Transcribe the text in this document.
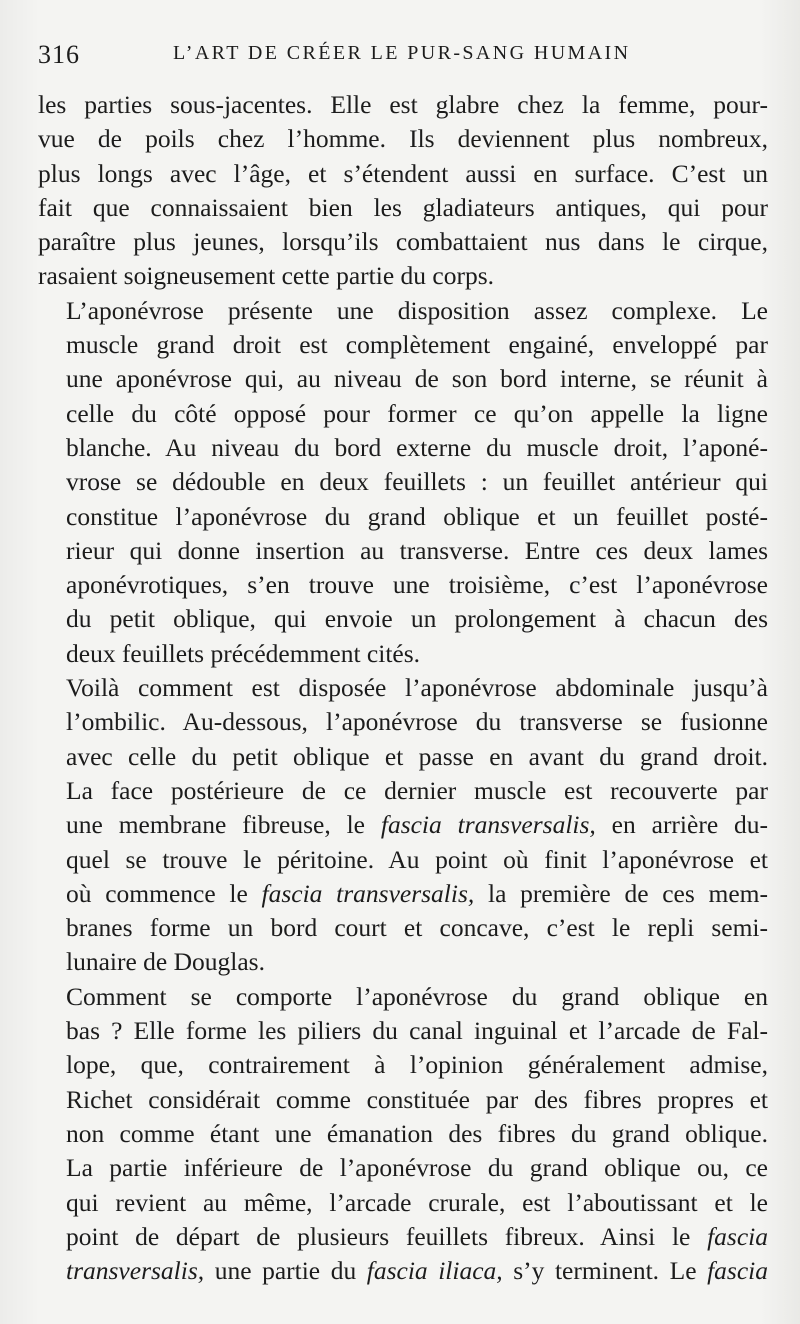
316	L’ART DE CRÉER LE PUR-SANG HUMAIN

les parties sous-jacentes. Elle est glabre chez la femme, pour-
vue de poils chez l’homme. Ils deviennent plus nombreux,
plus longs avec l’âge, et s’étendent aussi en surface. C’est un
fait que connaissaient bien les gladiateurs antiques, qui pour
paraître plus jeunes, lorsqu’ils combattaient nus dans le cirque,
rasaient soigneusement cette partie du corps.

L’aponévrose présente une disposition assez complexe. Le
muscle grand droit est complètement engainé, enveloppé par
une aponévrose qui, au niveau de son bord interne, se réunit à
celle du côté opposé pour former ce qu’on appelle la ligne
blanche. Au niveau du bord externe du muscle droit, l’aponé-
vrose se dédouble en deux feuillets : un feuillet antérieur qui
constitue l’aponévrose du grand oblique et un feuillet posté-
rieur qui donne insertion au transverse. Entre ces deux lames
aponévrotiques, s’en trouve une troisième, c’est l’aponévrose
du petit oblique, qui envoie un prolongement à chacun des
deux feuillets précédemment cités.

Voilà comment est disposée l’aponévrose abdominale jusqu’à
l’ombilic. Au-dessous, l’aponévrose du transverse se fusionne
avec celle du petit oblique et passe en avant du grand droit.
La face postérieure de ce dernier muscle est recouverte par
une membrane fibreuse, le fascia transversalis, en arrière du-
quel se trouve le péritoine. Au point où finit l’aponévrose et
où commence le fascia transversalis, la première de ces mem-
branes forme un bord court et concave, c’est le repli semi-
lunaire de Douglas.

Comment se comporte l’aponévrose du grand oblique en
bas ? Elle forme les piliers du canal inguinal et l’arcade de Fal-
lope, que, contrairement à l’opinion généralement admise,
Richet considérait comme constituée par des fibres propres et
non comme étant une émanation des fibres du grand oblique.
La partie inférieure de l’aponévrose du grand oblique ou, ce
qui revient au même, l’arcade crurale, est l’aboutissant et le
point de départ de plusieurs feuillets fibreux. Ainsi le fascia
transversalis, une partie du fascia iliaca, s’y terminent. Le fascia
